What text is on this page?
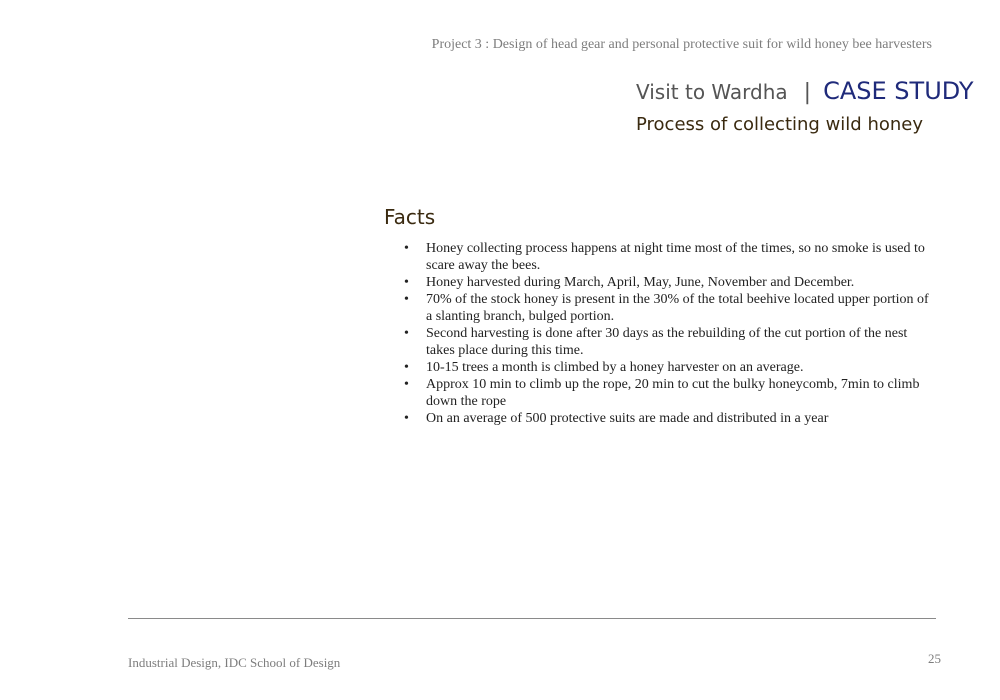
Project 3 : Design of head gear and personal protective suit for wild honey bee harvesters
Visit to Wardha | CASE STUDY
Process of collecting wild honey
Facts
• Honey collecting process happens at night time most of the times, so no smoke is used to scare away the bees.
• Honey harvested during March, April, May, June, November and December.
• 70% of the stock honey is present in the 30% of the total beehive located upper portion of a slanting branch, bulged portion.
• Second harvesting is done after 30 days as the rebuilding of the cut portion of the nest takes place during this time.
• 10-15 trees a month is climbed by a honey harvester on an average.
• Approx 10 min to climb up the rope, 20 min to cut the bulky honeycomb, 7min to climb down the rope
• On an average of 500 protective suits are made and distributed in a year
Industrial Design, IDC School of Design	25
